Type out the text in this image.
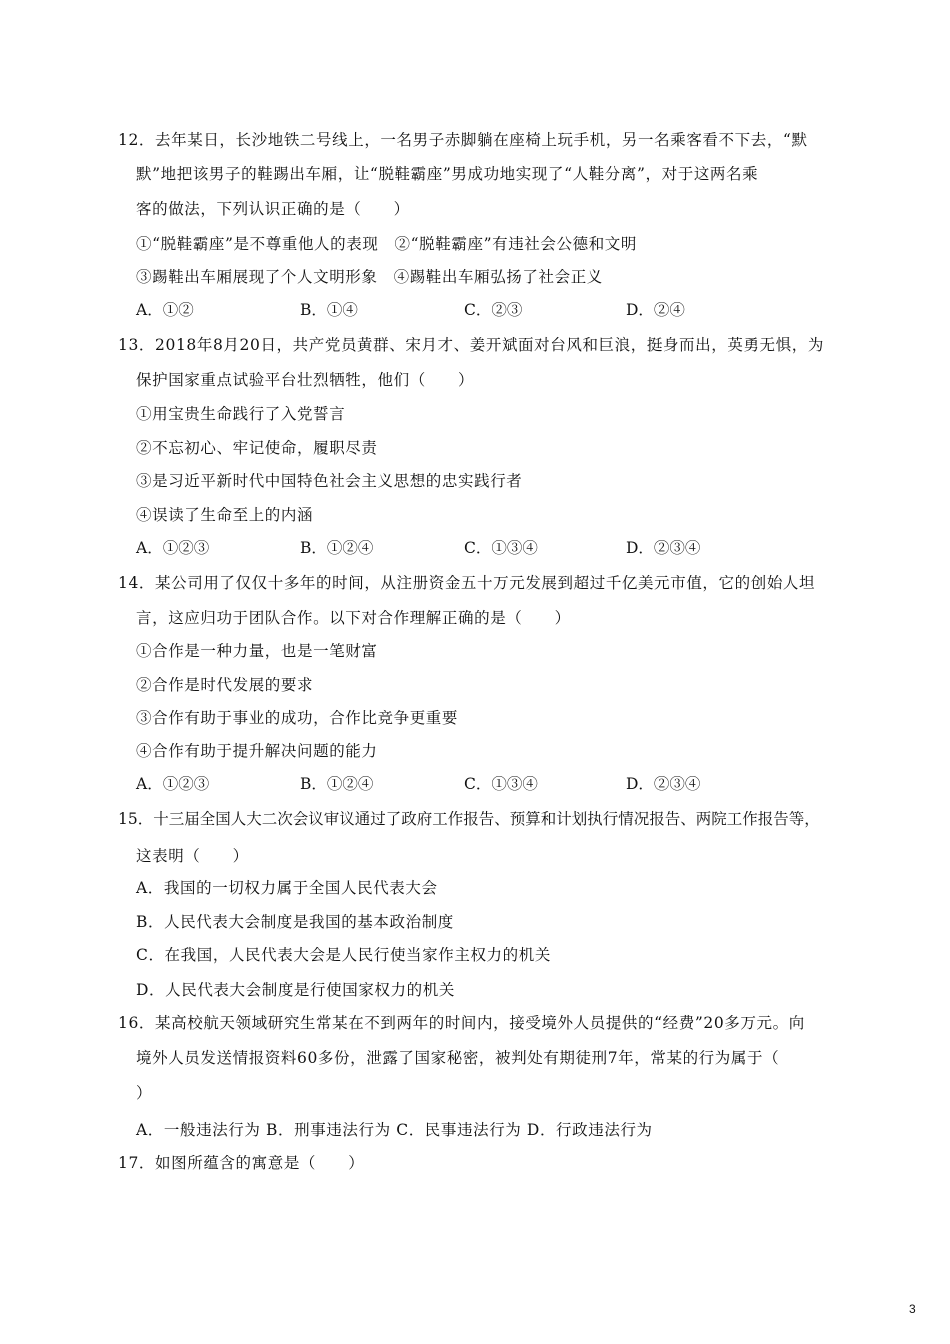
12．去年某日，长沙地铁二号线上，一名男子赤脚躺在座椅上玩手机，另一名乘客看不下去，“默
默”地把该男子的鞋踢出车厢，让“脱鞋霸座”男成功地实现了“人鞋分离”，对于这两名乘
客的做法，下列认识正确的是（　　）
①“脱鞋霸座”是不尊重他人的表现　②“脱鞋霸座”有违社会公德和文明
③踢鞋出车厢展现了个人文明形象　④踢鞋出车厢弘扬了社会正义
A．①②	B．①④	C．②③	D．②④
13．2018年8月20日，共产党员黄群、宋月才、姜开斌面对台风和巨浪，挺身而出，英勇无惧，为
保护国家重点试验平台壮烈牺牲，他们（　　）
①用宝贵生命践行了入党誓言
②不忘初心、牢记使命，履职尽责
③是习近平新时代中国特色社会主义思想的忠实践行者
④误读了生命至上的内涵
A．①②③	B．①②④	C．①③④	D．②③④
14．某公司用了仅仅十多年的时间，从注册资金五十万元发展到超过千亿美元市值，它的创始人坦
言，这应归功于团队合作。以下对合作理解正确的是（　　）
①合作是一种力量，也是一笔财富
②合作是时代发展的要求
③合作有助于事业的成功，合作比竞争更重要
④合作有助于提升解决问题的能力
A．①②③	B．①②④	C．①③④	D．②③④
15．十三届全国人大二次会议审议通过了政府工作报告、预算和计划执行情况报告、两院工作报告等，
这表明（　　）
A．我国的一切权力属于全国人民代表大会
B．人民代表大会制度是我国的基本政治制度
C．在我国，人民代表大会是人民行使当家作主权力的机关
D．人民代表大会制度是行使国家权力的机关
16．某高校航天领域研究生常某在不到两年的时间内，接受境外人员提供的“经费”20多万元。向
境外人员发送情报资料60多份，泄露了国家秘密，被判处有期徒刑7年，常某的行为属于（
）
A．一般违法行为 B．刑事违法行为 C．民事违法行为 D．行政违法行为
17．如图所蕴含的寓意是（　　）
3
